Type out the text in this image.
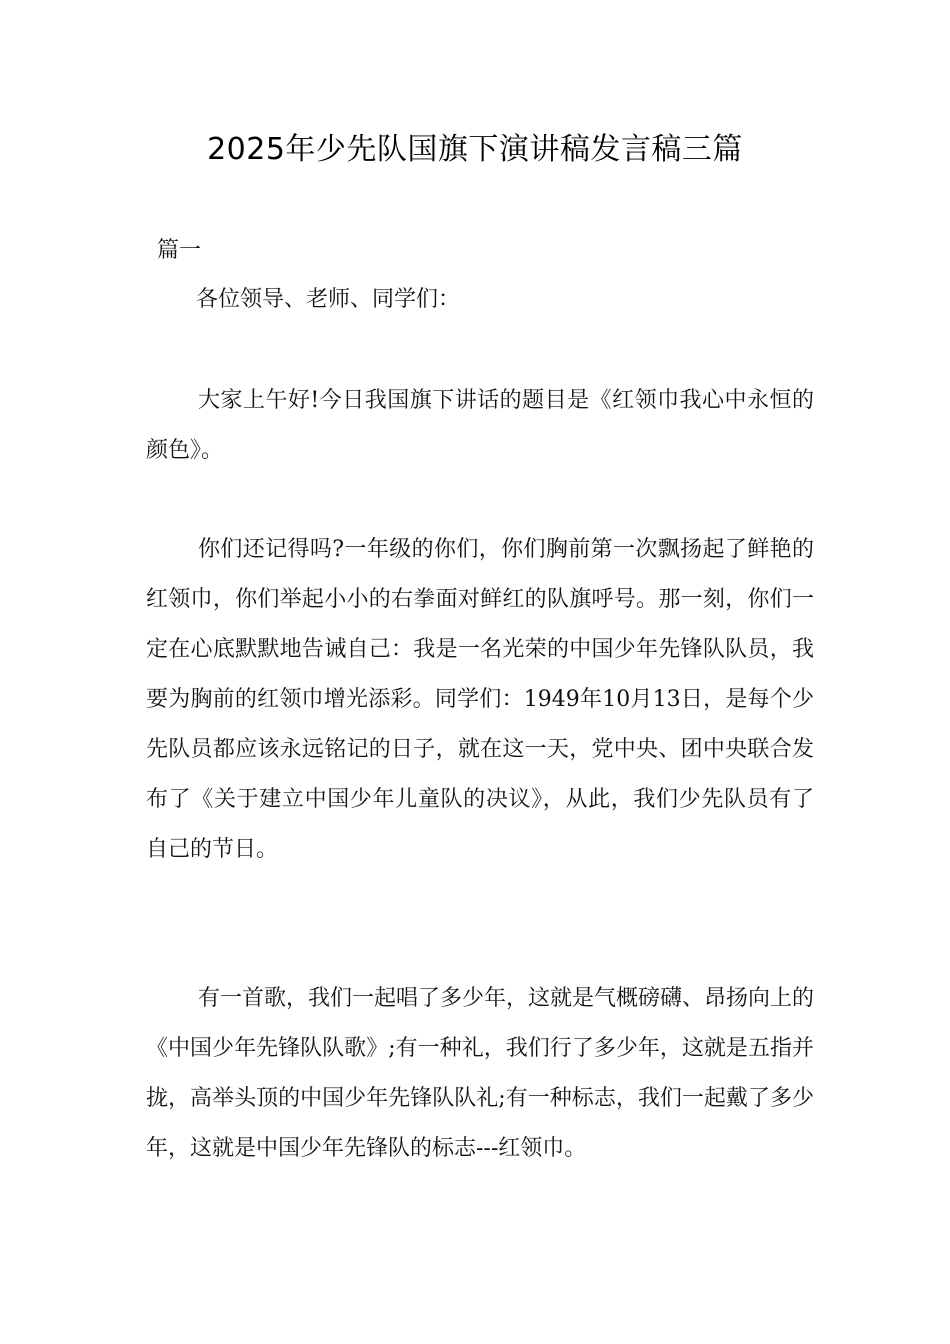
2025年少先队国旗下演讲稿发言稿三篇

篇一

各位领导、老师、同学们：

大家上午好!今日我国旗下讲话的题目是《红领巾我心中永恒的颜色》。

你们还记得吗?一年级的你们，你们胸前第一次飘扬起了鲜艳的红领巾，你们举起小小的右拳面对鲜红的队旗呼号。那一刻，你们一定在心底默默地告诫自己：我是一名光荣的中国少年先锋队队员，我要为胸前的红领巾增光添彩。同学们：1949年10月13日，是每个少先队员都应该永远铭记的日子，就在这一天，党中央、团中央联合发布了《关于建立中国少年儿童队的决议》，从此，我们少先队员有了自己的节日。

有一首歌，我们一起唱了多少年，这就是气概磅礴、昂扬向上的《中国少年先锋队队歌》;有一种礼，我们行了多少年，这就是五指并拢，高举头顶的中国少年先锋队队礼;有一种标志，我们一起戴了多少年，这就是中国少年先锋队的标志---红领巾。
